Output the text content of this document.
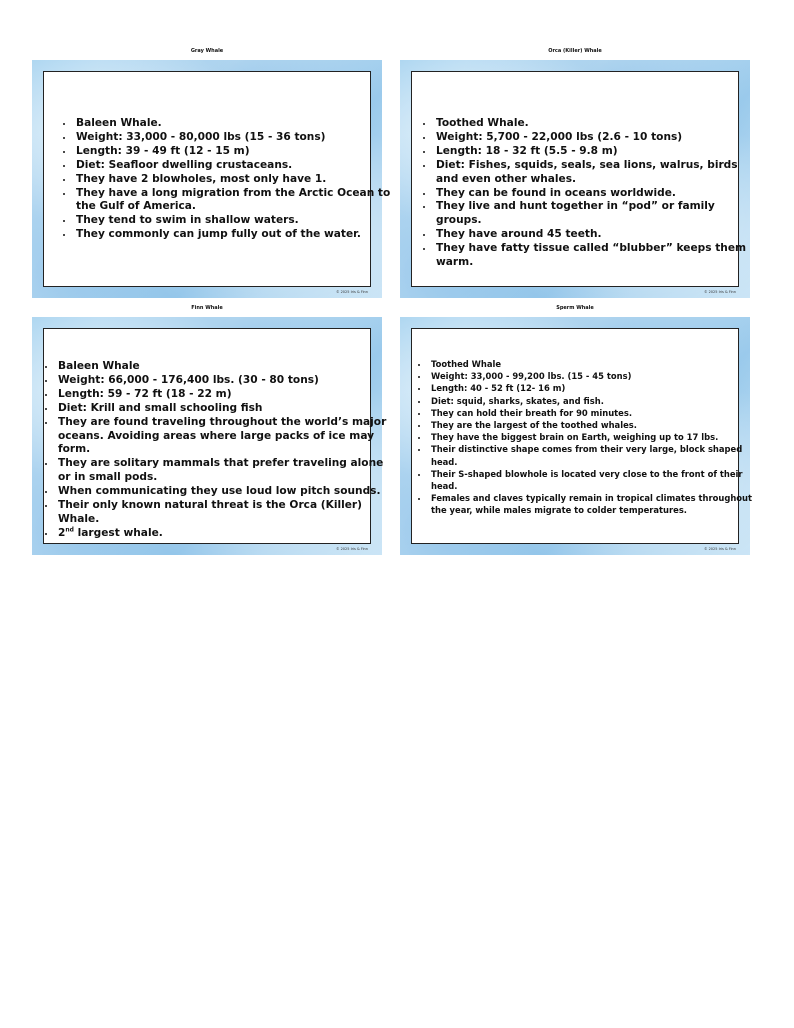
Gray Whale
• Baleen Whale.
• Weight: 33,000 - 80,000 lbs (15 - 36 tons)
• Length: 39 - 49 ft (12 - 15 m)
• Diet: Seafloor dwelling crustaceans.
• They have 2 blowholes, most only have 1.
• They have a long migration from the Arctic Ocean to the Gulf of America.
• They tend to swim in shallow waters.
• They commonly can jump fully out of the water.
© 2025 Iris & Finn
Orca (Killer) Whale
• Toothed Whale.
• Weight: 5,700 - 22,000 lbs (2.6 - 10 tons)
• Length: 18 - 32 ft (5.5 - 9.8 m)
• Diet: Fishes, squids, seals, sea lions, walrus, birds and even other whales.
• They can be found in oceans worldwide.
• They live and hunt together in “pod” or family groups.
• They have around 45 teeth.
• They have fatty tissue called “blubber” keeps them warm.
© 2025 Iris & Finn
Finn Whale
• Baleen Whale
• Weight: 66,000 - 176,400 lbs. (30 - 80 tons)
• Length: 59 - 72 ft (18 - 22 m)
• Diet: Krill and small schooling fish
• They are found traveling throughout the world’s major oceans. Avoiding areas where large packs of ice may form.
• They are solitary mammals that prefer traveling alone or in small pods.
• When communicating they use loud low pitch sounds.
• Their only known natural threat is the Orca (Killer) Whale.
• 2nd largest whale.
© 2025 Iris & Finn
Sperm Whale
• Toothed Whale
• Weight: 33,000 - 99,200 lbs. (15 - 45 tons)
• Length: 40 - 52 ft (12- 16 m)
• Diet: squid, sharks, skates, and fish.
• They can hold their breath for 90 minutes.
• They are the largest of the toothed whales.
• They have the biggest brain on Earth, weighing up to 17 lbs.
• Their distinctive shape comes from their very large, block shaped head.
• Their S-shaped blowhole is located very close to the front of their head.
• Females and claves typically remain in tropical climates throughout the year, while males migrate to colder temperatures.
© 2025 Iris & Finn
